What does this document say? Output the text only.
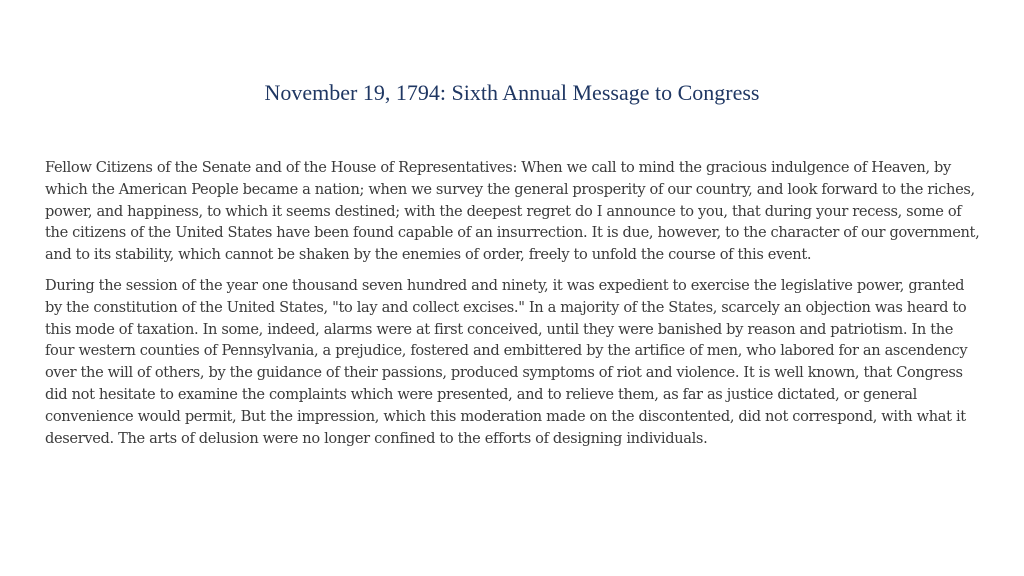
November 19, 1794: Sixth Annual Message to Congress

Fellow Citizens of the Senate and of the House of Representatives: When we call to mind the gracious indulgence of Heaven, by which the American People became a nation; when we survey the general prosperity of our country, and look forward to the riches, power, and happiness, to which it seems destined; with the deepest regret do I announce to you, that during your recess, some of the citizens of the United States have been found capable of an insurrection. It is due, however, to the character of our government, and to its stability, which cannot be shaken by the enemies of order, freely to unfold the course of this event.

During the session of the year one thousand seven hundred and ninety, it was expedient to exercise the legislative power, granted by the constitution of the United States, "to lay and collect excises." In a majority of the States, scarcely an objection was heard to this mode of taxation. In some, indeed, alarms were at first conceived, until they were banished by reason and patriotism. In the four western counties of Pennsylvania, a prejudice, fostered and embittered by the artifice of men, who labored for an ascendency over the will of others, by the guidance of their passions, produced symptoms of riot and violence. It is well known, that Congress did not hesitate to examine the complaints which were presented, and to relieve them, as far as justice dictated, or general convenience would permit, But the impression, which this moderation made on the discontented, did not correspond, with what it deserved. The arts of delusion were no longer confined to the efforts of designing individuals.
